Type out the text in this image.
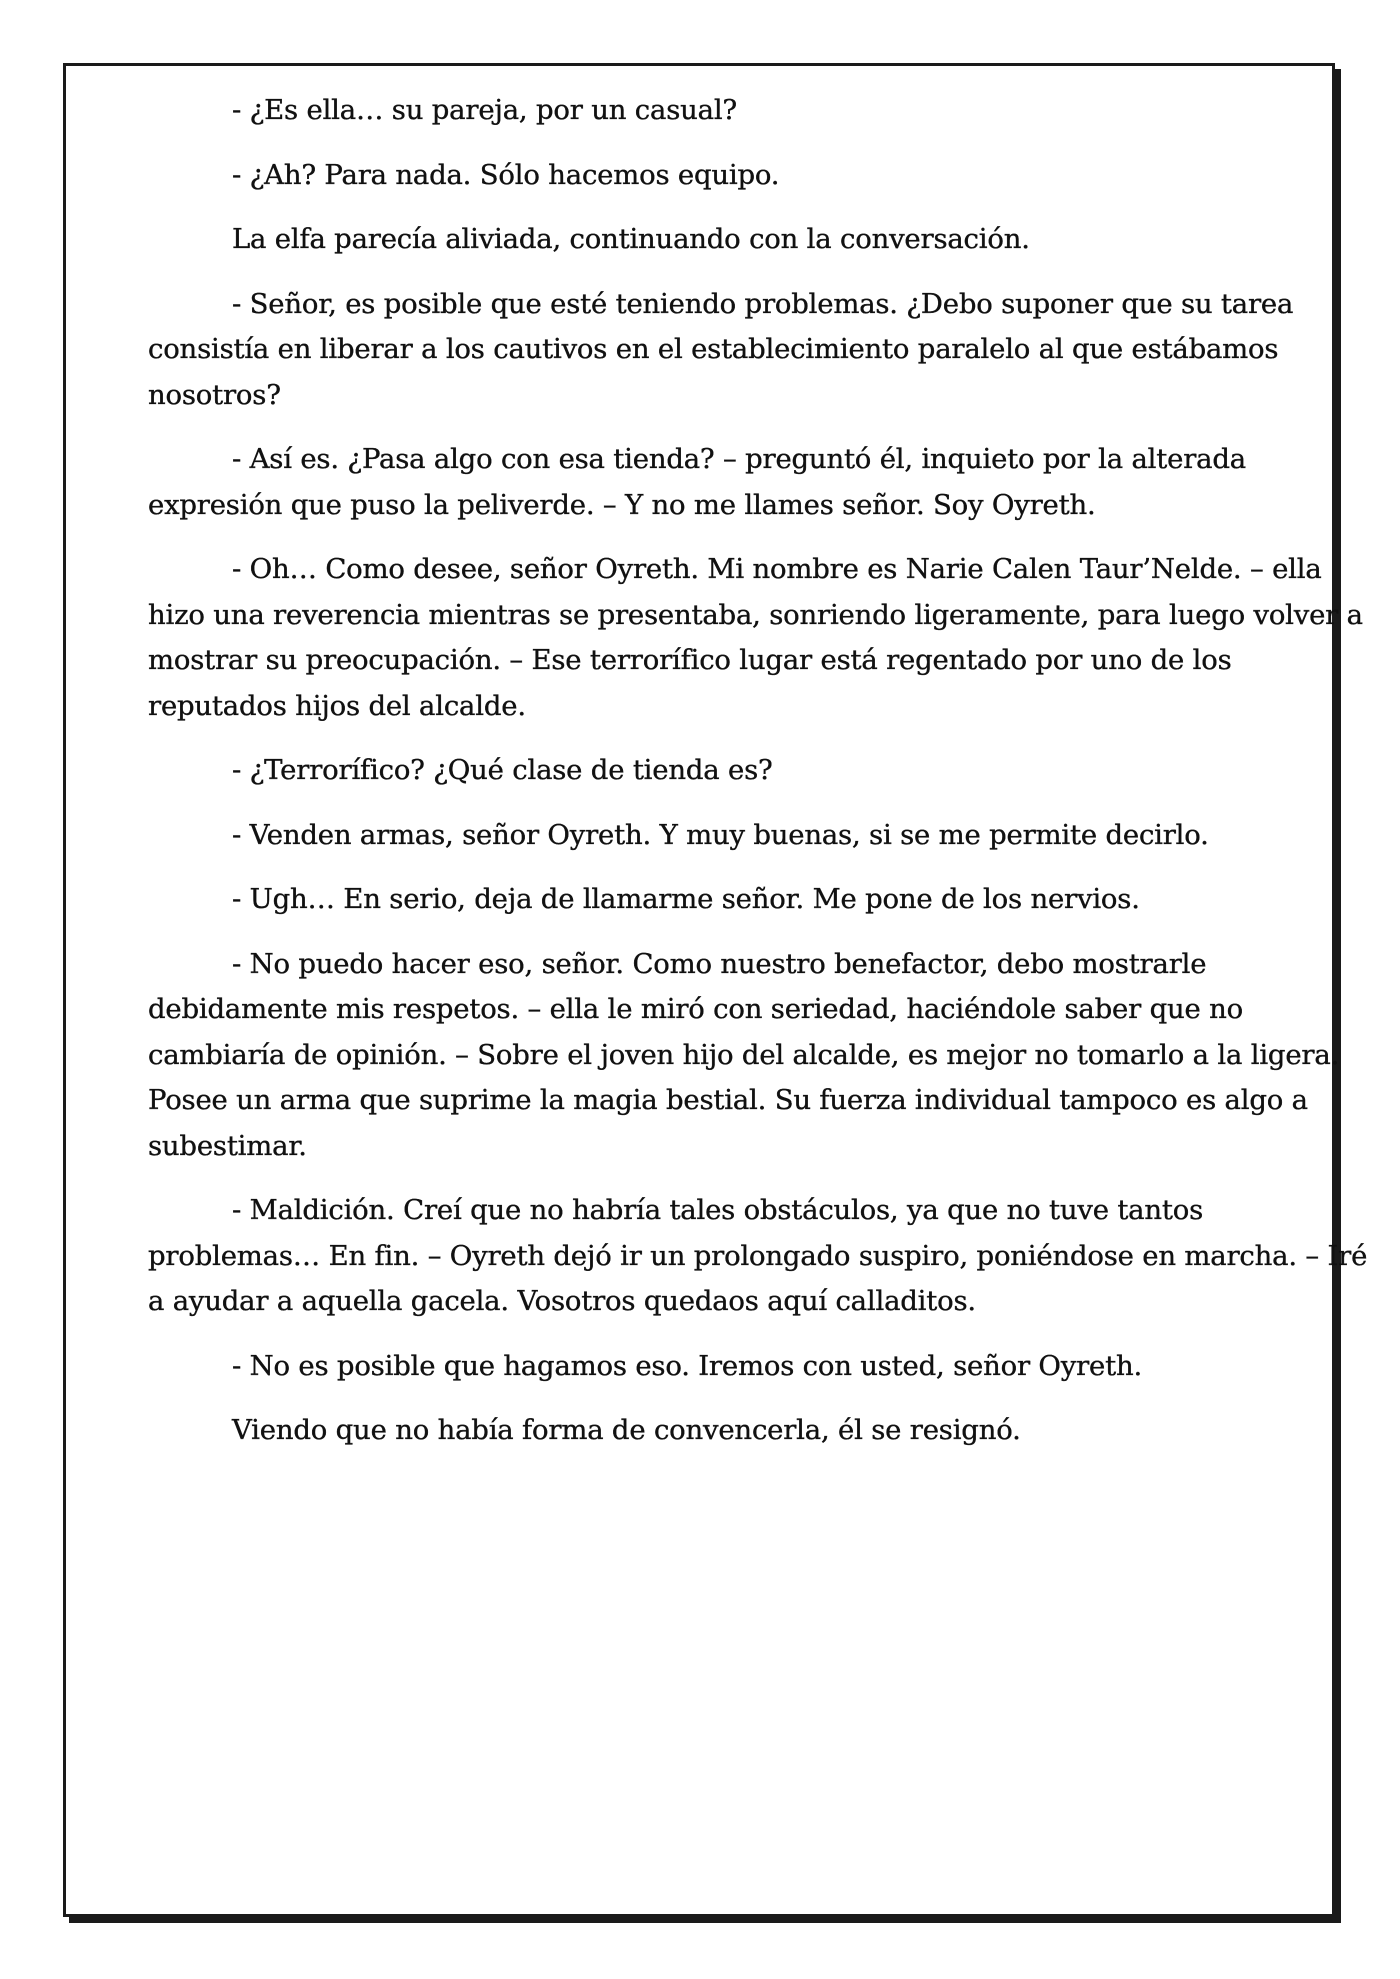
- ¿Es ella… su pareja, por un casual?

- ¿Ah? Para nada. Sólo hacemos equipo.

La elfa parecía aliviada, continuando con la conversación.

- Señor, es posible que esté teniendo problemas. ¿Debo suponer que su tarea consistía en liberar a los cautivos en el establecimiento paralelo al que estábamos nosotros?

- Así es. ¿Pasa algo con esa tienda? – preguntó él, inquieto por la alterada expresión que puso la peliverde. – Y no me llames señor. Soy Oyreth.

- Oh… Como desee, señor Oyreth. Mi nombre es Narie Calen Taur’Nelde. – ella hizo una reverencia mientras se presentaba, sonriendo ligeramente, para luego volver a mostrar su preocupación. – Ese terrorífico lugar está regentado por uno de los reputados hijos del alcalde.

- ¿Terrorífico? ¿Qué clase de tienda es?

- Venden armas, señor Oyreth. Y muy buenas, si se me permite decirlo.

- Ugh… En serio, deja de llamarme señor. Me pone de los nervios.

- No puedo hacer eso, señor. Como nuestro benefactor, debo mostrarle debidamente mis respetos. – ella le miró con seriedad, haciéndole saber que no cambiaría de opinión. – Sobre el joven hijo del alcalde, es mejor no tomarlo a la ligera. Posee un arma que suprime la magia bestial. Su fuerza individual tampoco es algo a subestimar.

- Maldición. Creí que no habría tales obstáculos, ya que no tuve tantos problemas… En fin. – Oyreth dejó ir un prolongado suspiro, poniéndose en marcha. – Iré a ayudar a aquella gacela. Vosotros quedaos aquí calladitos.

- No es posible que hagamos eso. Iremos con usted, señor Oyreth.

Viendo que no había forma de convencerla, él se resignó.
